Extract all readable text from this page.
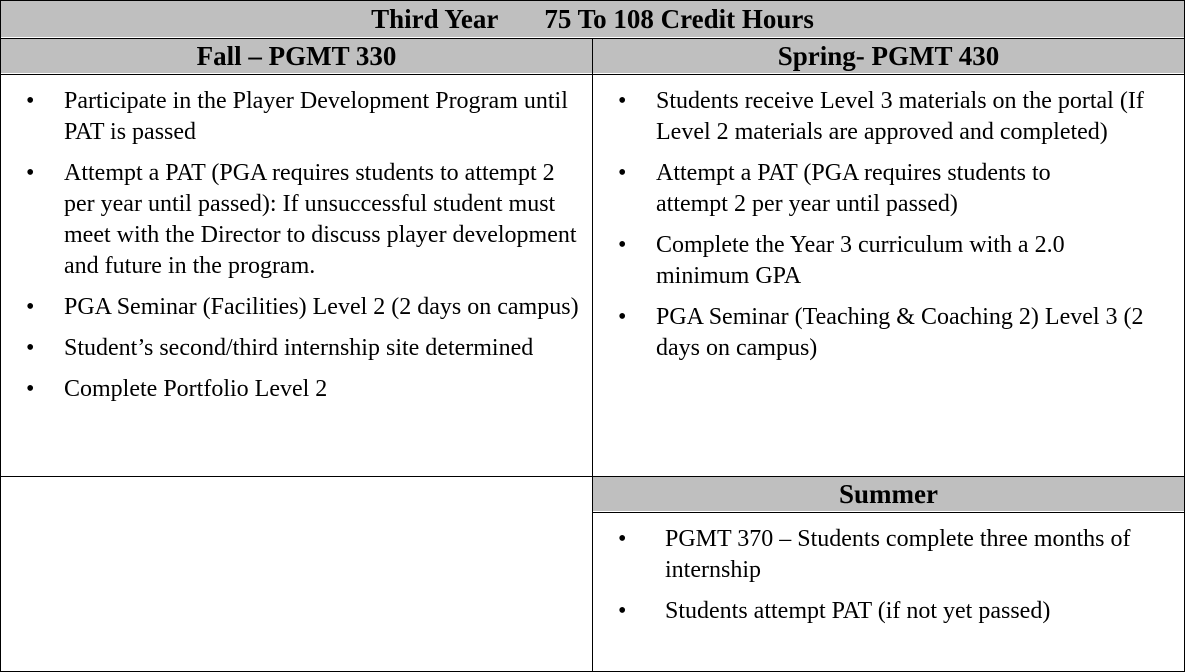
Third Year 75 To 108 Credit Hours
Fall – PGMT 330	Spring- PGMT 430
• Participate in the Player Development Program until PAT is passed
• Attempt a PAT (PGA requires students to attempt 2 per year until passed): If unsuccessful student must meet with the Director to discuss player development and future in the program.
• PGA Seminar (Facilities) Level 2 (2 days on campus)
• Student’s second/third internship site determined
• Complete Portfolio Level 2
• Students receive Level 3 materials on the portal (If Level 2 materials are approved and completed)
• Attempt a PAT (PGA requires students to attempt 2 per year until passed)
• Complete the Year 3 curriculum with a 2.0 minimum GPA
• PGA Seminar (Teaching & Coaching 2) Level 3 (2 days on campus)
Summer
• PGMT 370 – Students complete three months of internship
• Students attempt PAT (if not yet passed)
